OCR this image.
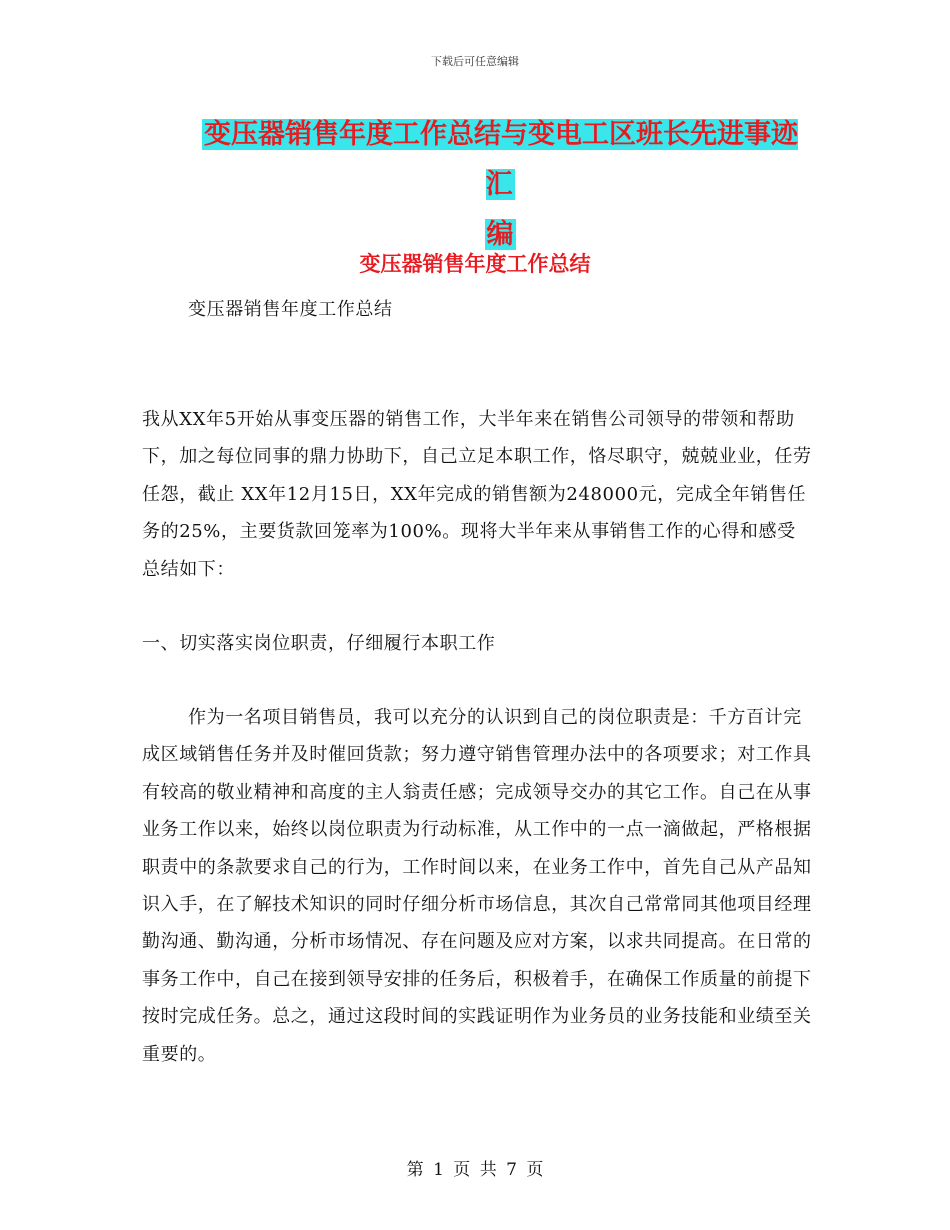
下载后可任意编辑
变压器销售年度工作总结与变电工区班长先进事迹汇
编
变压器销售年度工作总结
变压器销售年度工作总结
我从XX年5开始从事变压器的销售工作，大半年来在销售公司领导的带领和帮助下，加之每位同事的鼎力协助下，自己立足本职工作，恪尽职守，兢兢业业，任劳任怨，截止 XX年12月15日，XX年完成的销售额为248000元，完成全年销售任务的25%，主要货款回笼率为100%。现将大半年来从事销售工作的心得和感受总结如下：
一、切实落实岗位职责，仔细履行本职工作
作为一名项目销售员，我可以充分的认识到自己的岗位职责是：千方百计完成区域销售任务并及时催回货款；努力遵守销售管理办法中的各项要求；对工作具有较高的敬业精神和高度的主人翁责任感；完成领导交办的其它工作。自己在从事业务工作以来，始终以岗位职责为行动标准，从工作中的一点一滴做起，严格根据职责中的条款要求自己的行为，工作时间以来，在业务工作中，首先自己从产品知识入手，在了解技术知识的同时仔细分析市场信息，其次自己常常同其他项目经理勤沟通、勤沟通，分析市场情况、存在问题及应对方案，以求共同提高。在日常的事务工作中，自己在接到领导安排的任务后，积极着手，在确保工作质量的前提下按时完成任务。总之，通过这段时间的实践证明作为业务员的业务技能和业绩至关重要的。
第 1 页 共 7 页
